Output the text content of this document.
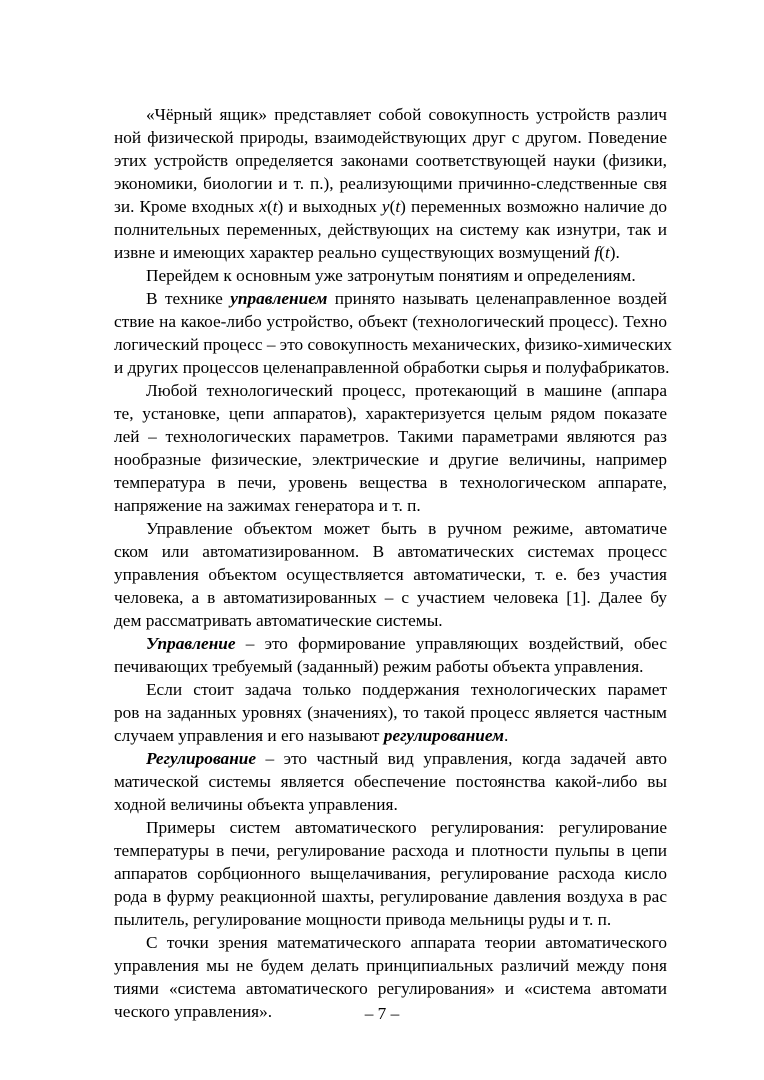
«Чёрный ящик» представляет собой совокупность устройств различ
ной физической природы, взаимодействующих друг с другом. Поведение
этих устройств определяется законами соответствующей науки (физики,
экономики, биологии и т. п.), реализующими причинно-следственные свя
зи. Кроме входных x(t) и выходных y(t) переменных возможно наличие до
полнительных переменных, действующих на систему как изнутри, так и
извне и имеющих характер реально существующих возмущений f(t).
Перейдем к основным уже затронутым понятиям и определениям.
В технике управлением принято называть целенаправленное воздей
ствие на какое-либо устройство, объект (технологический процесс). Техно
логический процесс – это совокупность механических, физико-химических
и других процессов целенаправленной обработки сырья и полуфабрикатов.
Любой технологический процесс, протекающий в машине (аппара
те, установке, цепи аппаратов), характеризуется целым рядом показате
лей – технологических параметров. Такими параметрами являются раз
нообразные физические, электрические и другие величины, например
температура в печи, уровень вещества в технологическом аппарате,
напряжение на зажимах генератора и т. п.
Управление объектом может быть в ручном режиме, автоматиче
ском или автоматизированном. В автоматических системах процесс
управления объектом осуществляется автоматически, т. е. без участия
человека, а в автоматизированных – с участием человека [1]. Далее бу
дем рассматривать автоматические системы.
Управление – это формирование управляющих воздействий, обес
печивающих требуемый (заданный) режим работы объекта управления.
Если стоит задача только поддержания технологических парамет
ров на заданных уровнях (значениях), то такой процесс является частным
случаем управления и его называют регулированием.
Регулирование – это частный вид управления, когда задачей авто
матической системы является обеспечение постоянства какой-либо вы
ходной величины объекта управления.
Примеры систем автоматического регулирования: регулирование
температуры в печи, регулирование расхода и плотности пульпы в цепи
аппаратов сорбционного выщелачивания, регулирование расхода кисло
рода в фурму реакционной шахты, регулирование давления воздуха в рас
пылитель, регулирование мощности привода мельницы руды и т. п.
С точки зрения математического аппарата теории автоматического
управления мы не будем делать принципиальных различий между поня
тиями «система автоматического регулирования» и «система автомати
ческого управления».	– 7 –
